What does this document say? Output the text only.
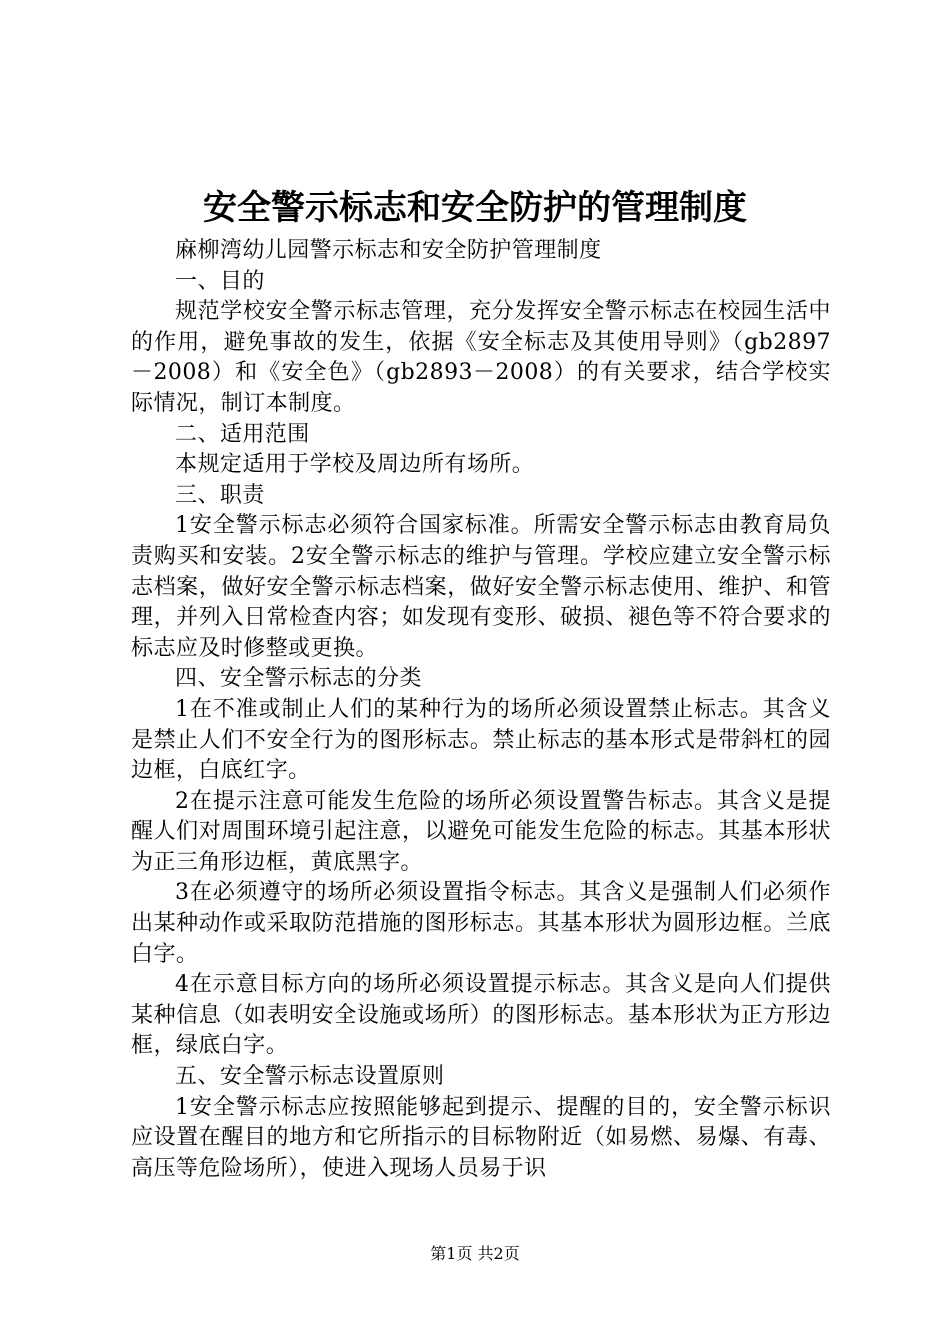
安全警示标志和安全防护的管理制度

麻柳湾幼儿园警示标志和安全防护管理制度

一、目的

规范学校安全警示标志管理，充分发挥安全警示标志在校园生活中的作用，避免事故的发生，依据《安全标志及其使用导则》（gb2897－2008）和《安全色》（gb2893－2008）的有关要求，结合学校实际情况，制订本制度。

二、适用范围

本规定适用于学校及周边所有场所。

三、职责

1安全警示标志必须符合国家标准。所需安全警示标志由教育局负责购买和安装。2安全警示标志的维护与管理。学校应建立安全警示标志档案，做好安全警示标志档案，做好安全警示标志使用、维护、和管理，并列入日常检查内容；如发现有变形、破损、褪色等不符合要求的标志应及时修整或更换。

四、安全警示标志的分类

1在不准或制止人们的某种行为的场所必须设置禁止标志。其含义是禁止人们不安全行为的图形标志。禁止标志的基本形式是带斜杠的园边框，白底红字。

2在提示注意可能发生危险的场所必须设置警告标志。其含义是提醒人们对周围环境引起注意，以避免可能发生危险的标志。其基本形状为正三角形边框，黄底黑字。

3在必须遵守的场所必须设置指令标志。其含义是强制人们必须作出某种动作或采取防范措施的图形标志。其基本形状为圆形边框。兰底白字。

4在示意目标方向的场所必须设置提示标志。其含义是向人们提供某种信息（如表明安全设施或场所）的图形标志。基本形状为正方形边框，绿底白字。

五、安全警示标志设置原则

1安全警示标志应按照能够起到提示、提醒的目的，安全警示标识应设置在醒目的地方和它所指示的目标物附近（如易燃、易爆、有毒、高压等危险场所），使进入现场人员易于识

第1页 共2页
